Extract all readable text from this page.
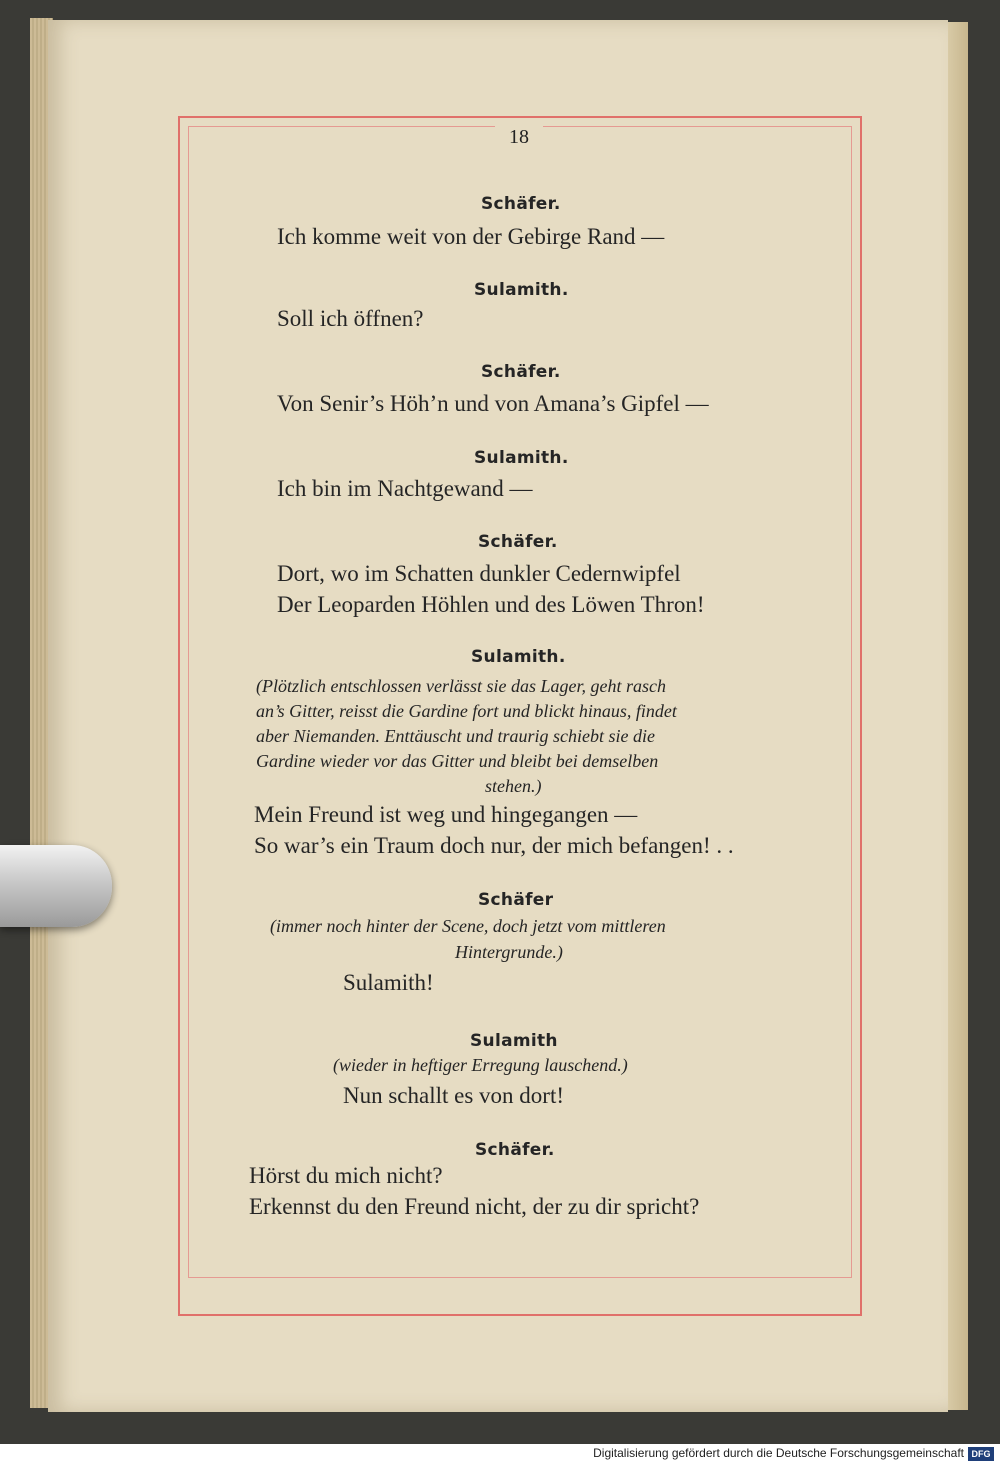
18
Schäfer.
Ich komme weit von der Gebirge Rand —
Sulamith.
Soll ich öffnen?
Schäfer.
Von Senir’s Höh’n und von Amana’s Gipfel —
Sulamith.
Ich bin im Nachtgewand —
Schäfer.
Dort, wo im Schatten dunkler Cedernwipfel
Der Leoparden Höhlen und des Löwen Thron!
Sulamith.
(Plötzlich entschlossen verlässt sie das Lager, geht rasch
an’s Gitter, reisst die Gardine fort und blickt hinaus, findet
aber Niemanden. Enttäuscht und traurig schiebt sie die
Gardine wieder vor das Gitter und bleibt bei demselben
stehen.)
Mein Freund ist weg und hingegangen —
So war’s ein Traum doch nur, der mich befangen! . .
Schäfer
(immer noch hinter der Scene, doch jetzt vom mittleren
Hintergrunde.)
Sulamith!
Sulamith
(wieder in heftiger Erregung lauschend.)
Nun schallt es von dort!
Schäfer.
Hörst du mich nicht?
Erkennst du den Freund nicht, der zu dir spricht?
Digitalisierung gefördert durch die Deutsche Forschungsgemeinschaft DFG
